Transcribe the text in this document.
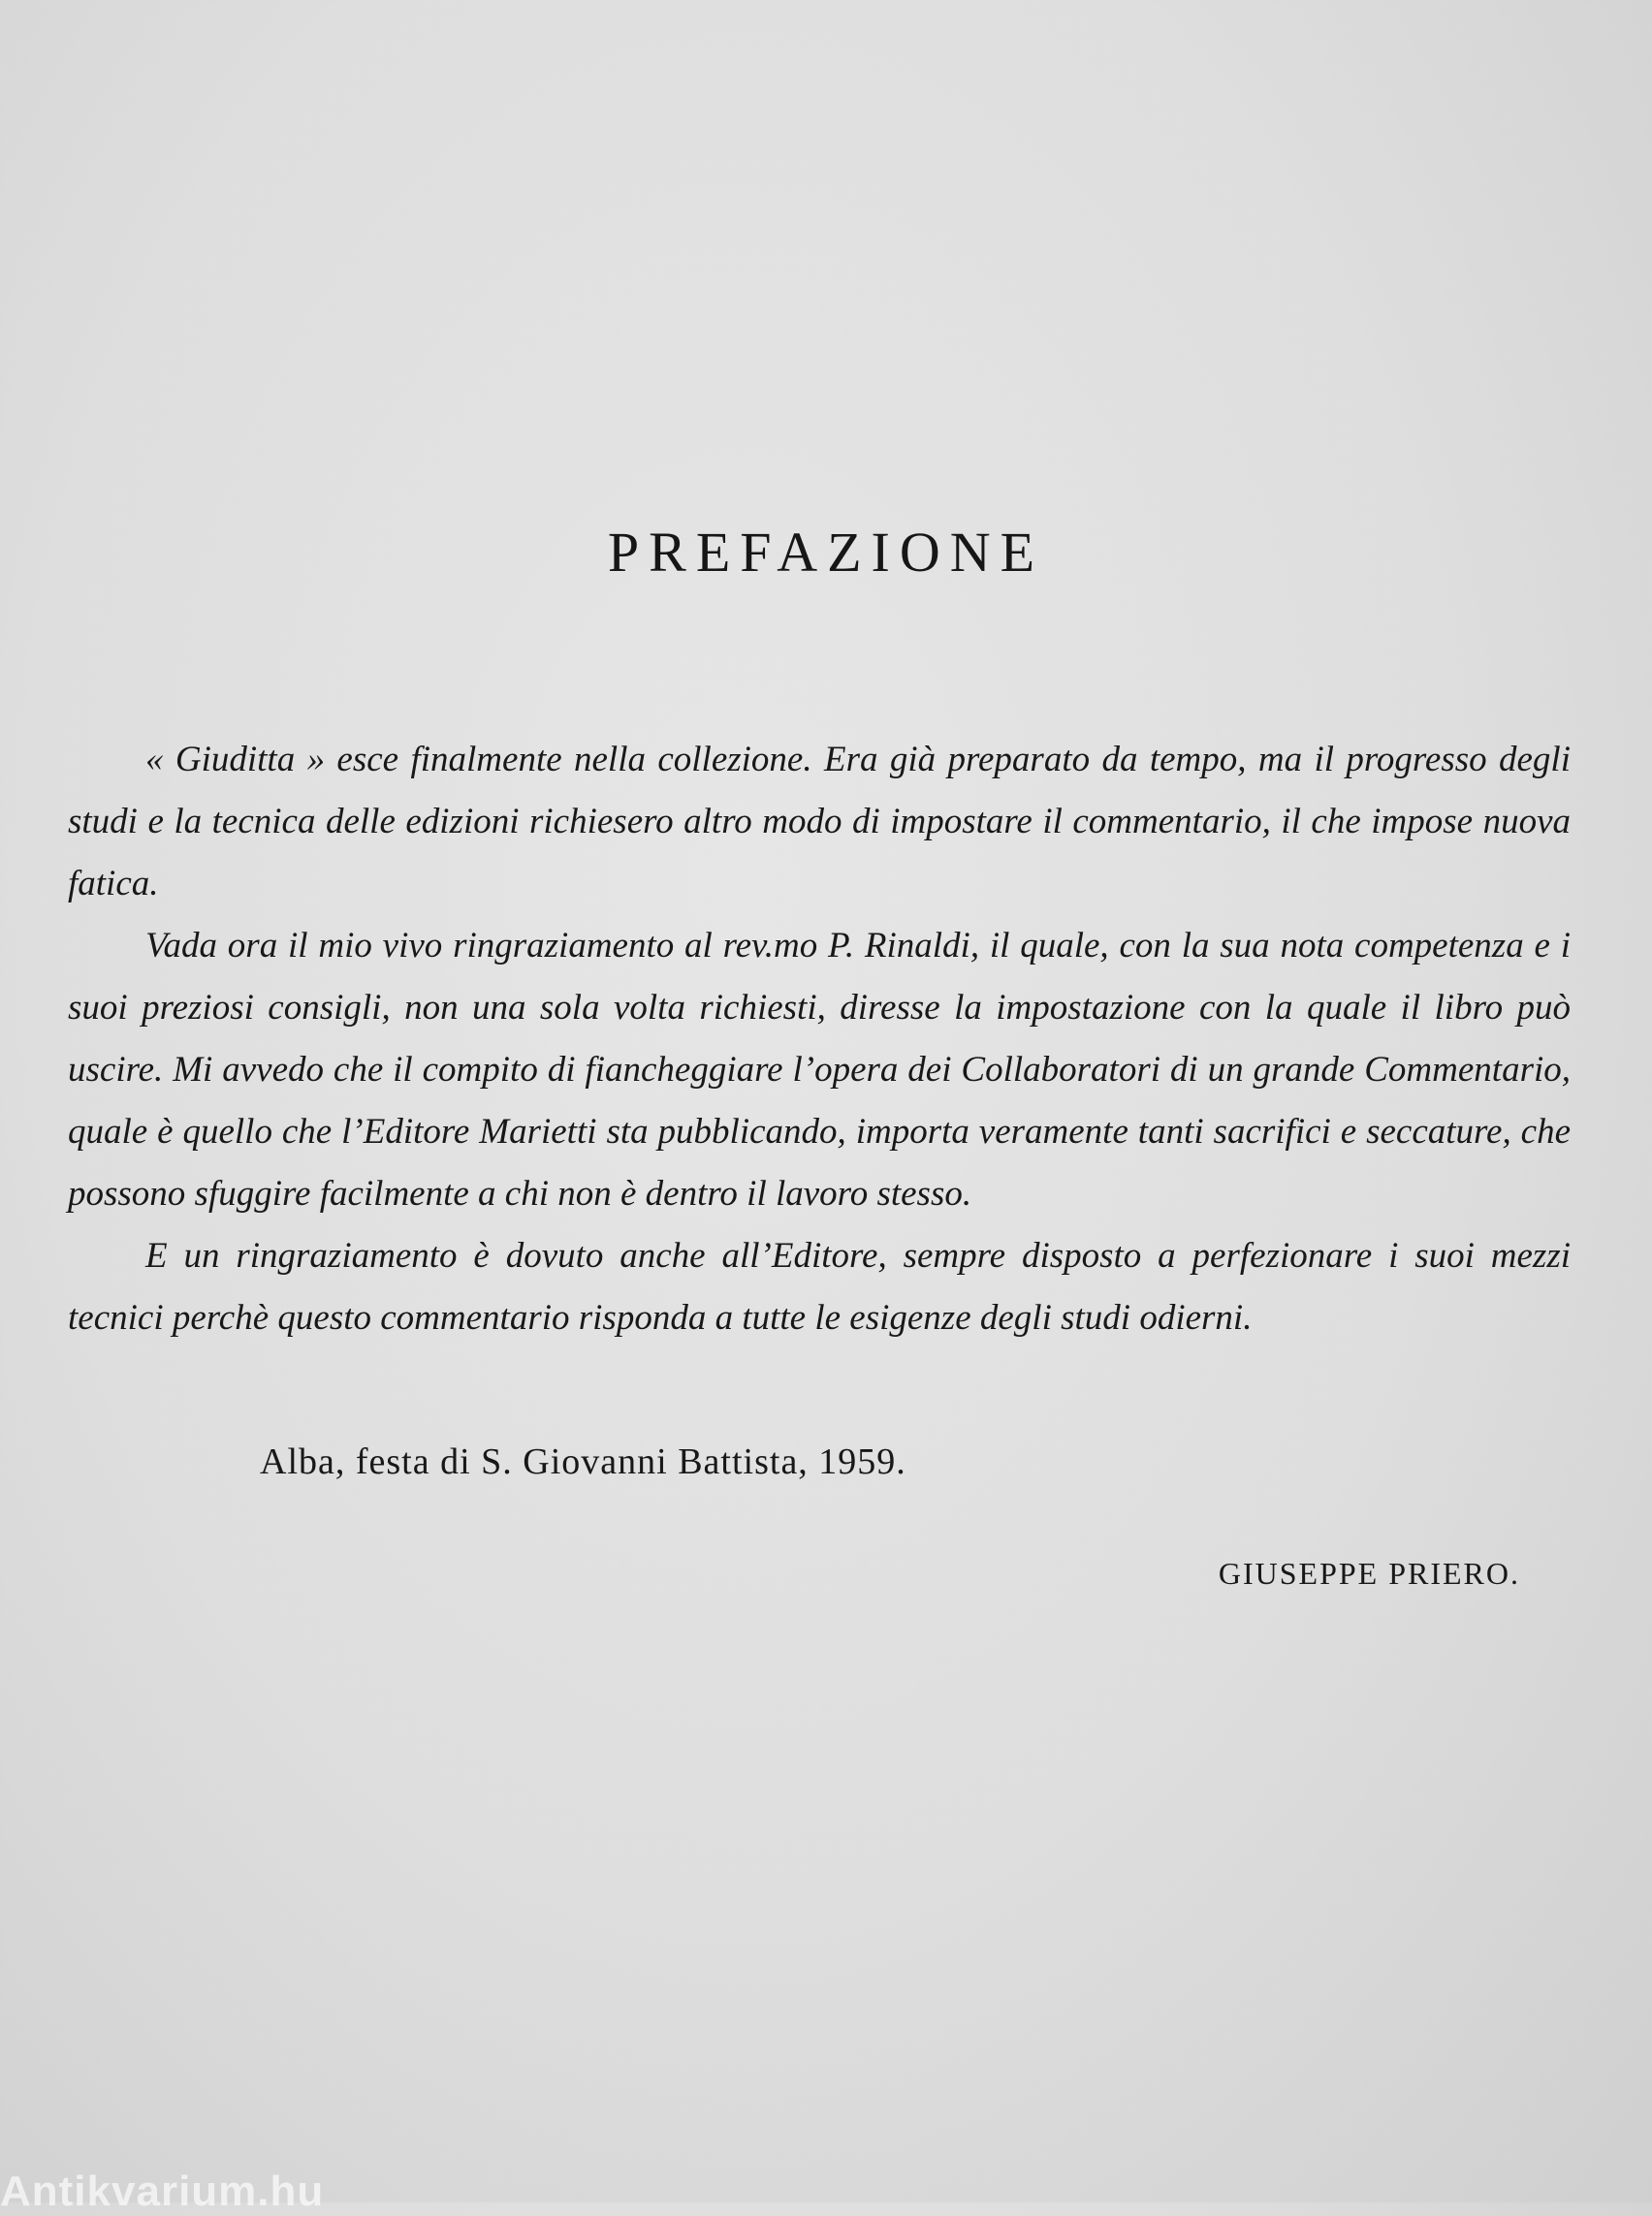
PREFAZIONE

« Giuditta » esce finalmente nella collezione. Era già preparato da tempo, ma il progresso degli studi e la tecnica delle edizioni richiesero altro modo di impostare il commentario, il che impose nuova fatica.

Vada ora il mio vivo ringraziamento al rev.mo P. Rinaldi, il quale, con la sua nota competenza e i suoi preziosi consigli, non una sola volta richiesti, diresse la impostazione con la quale il libro può uscire. Mi avvedo che il compito di fiancheggiare l’opera dei Collaboratori di un grande Commentario, quale è quello che l’Editore Marietti sta pubblicando, importa veramente tanti sacrifici e seccature, che possono sfuggire facilmente a chi non è dentro il lavoro stesso.

E un ringraziamento è dovuto anche all’Editore, sempre disposto a perfezionare i suoi mezzi tecnici perchè questo commentario risponda a tutte le esigenze degli studi odierni.

Alba, festa di S. Giovanni Battista, 1959.

GIUSEPPE PRIERO.

Antikvarium.hu
